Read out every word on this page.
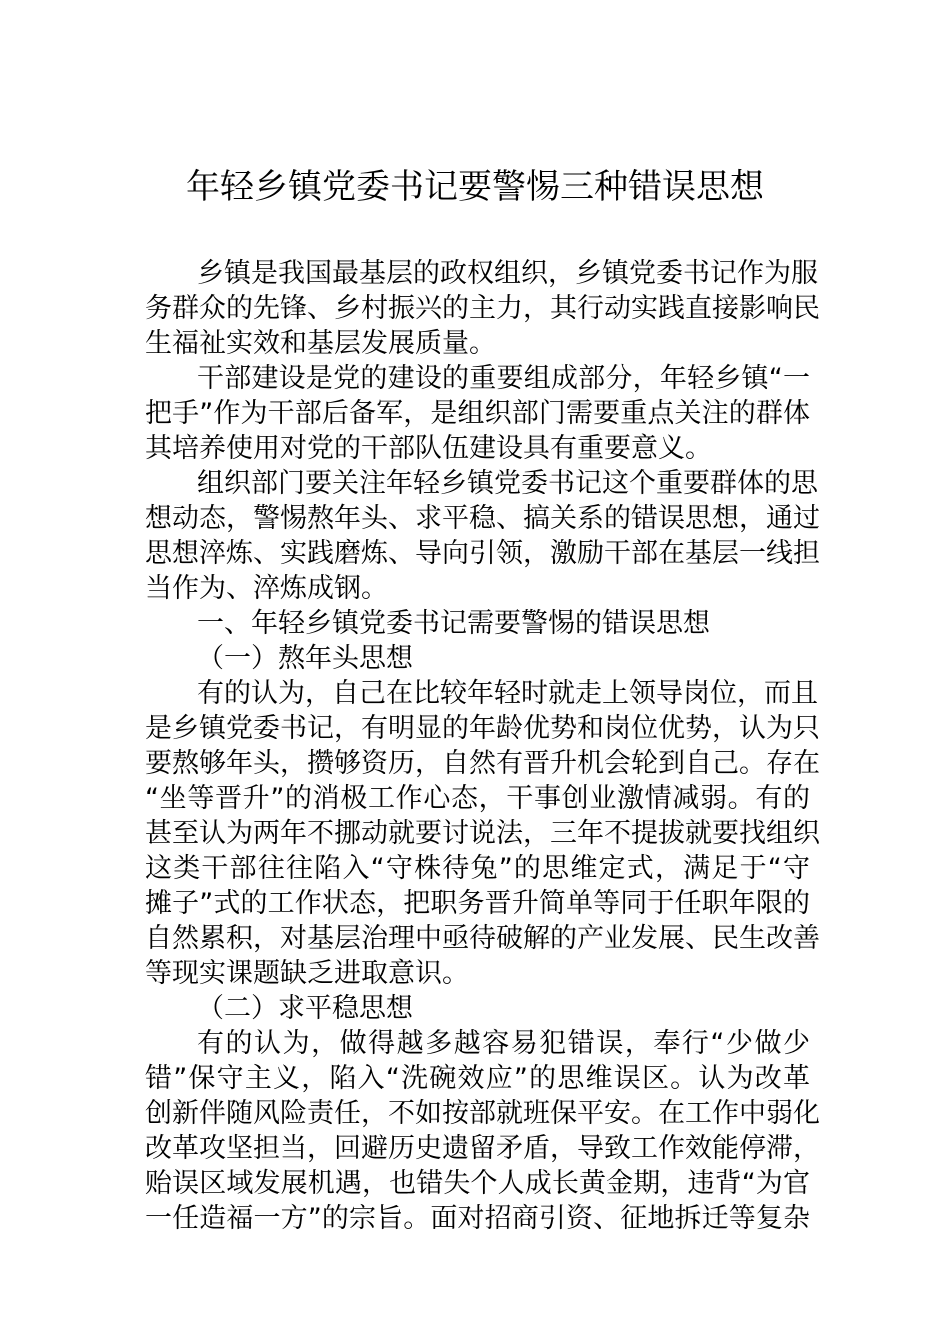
年轻乡镇党委书记要警惕三种错误思想

乡镇是我国最基层的政权组织，乡镇党委书记作为服

务群众的先锋、乡村振兴的主力，其行动实践直接影响民

生福祉实效和基层发展质量。

干部建设是党的建设的重要组成部分，年轻乡镇“一

把手”作为干部后备军，是组织部门需要重点关注的群体

其培养使用对党的干部队伍建设具有重要意义。

组织部门要关注年轻乡镇党委书记这个重要群体的思

想动态，警惕熬年头、求平稳、搞关系的错误思想，通过

思想淬炼、实践磨炼、导向引领，激励干部在基层一线担

当作为、淬炼成钢。

一、年轻乡镇党委书记需要警惕的错误思想

（一）熬年头思想

有的认为，自己在比较年轻时就走上领导岗位，而且

是乡镇党委书记，有明显的年龄优势和岗位优势，认为只

要熬够年头，攒够资历，自然有晋升机会轮到自己。存在

“坐等晋升”的消极工作心态，干事创业激情减弱。有的

甚至认为两年不挪动就要讨说法，三年不提拔就要找组织

这类干部往往陷入“守株待兔”的思维定式，满足于“守

摊子”式的工作状态，把职务晋升简单等同于任职年限的

自然累积，对基层治理中亟待破解的产业发展、民生改善

等现实课题缺乏进取意识。

（二）求平稳思想

有的认为，做得越多越容易犯错误，奉行“少做少

错”保守主义，陷入“洗碗效应”的思维误区。认为改革

创新伴随风险责任，不如按部就班保平安。在工作中弱化

改革攻坚担当，回避历史遗留矛盾，导致工作效能停滞，

贻误区域发展机遇，也错失个人成长黄金期，违背“为官

一任造福一方”的宗旨。面对招商引资、征地拆迁等复杂
